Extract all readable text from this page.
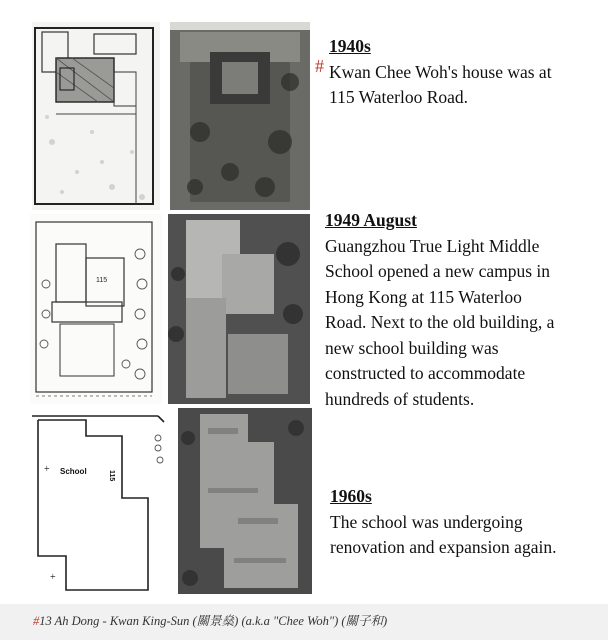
#
1940s
Kwan Chee Woh's house was at
115 Waterloo Road.
115
1949 August
Guangzhou True Light Middle
School opened a new campus in
Hong Kong at 115 Waterloo
Road. Next to the old building, a
new school building was
constructed to accommodate
hundreds of students.
School	115
+
+
1960s
The school was undergoing
renovation and expansion again.
#13 Ah Dong - Kwan King-Sun (關景燊) (a.k.a "Chee Woh") (關子和)
